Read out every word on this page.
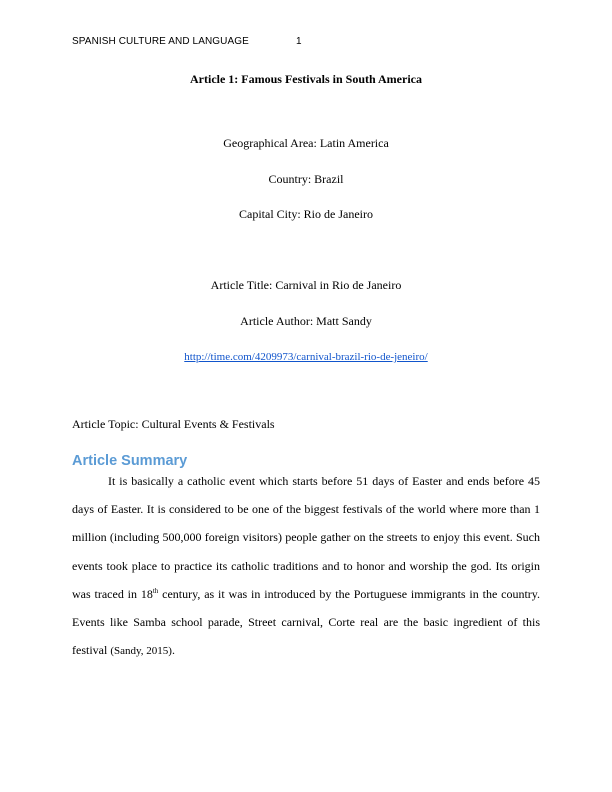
SPANISH CULTURE AND LANGUAGE	1
Article 1: Famous Festivals in South America
Geographical Area: Latin America
Country: Brazil
Capital City: Rio de Janeiro
Article Title: Carnival in Rio de Janeiro
Article Author: Matt Sandy
http://time.com/4209973/carnival-brazil-rio-de-jeneiro/
Article Topic: Cultural Events & Festivals
Article Summary

It is basically a catholic event which starts before 51 days of Easter and ends before 45 days of Easter. It is considered to be one of the biggest festivals of the world where more than 1 million (including 500,000 foreign visitors) people gather on the streets to enjoy this event. Such events took place to practice its catholic traditions and to honor and worship the god. Its origin was traced in 18th century, as it was in introduced by the Portuguese immigrants in the country. Events like Samba school parade, Street carnival, Corte real are the basic ingredient of this festival (Sandy, 2015).
